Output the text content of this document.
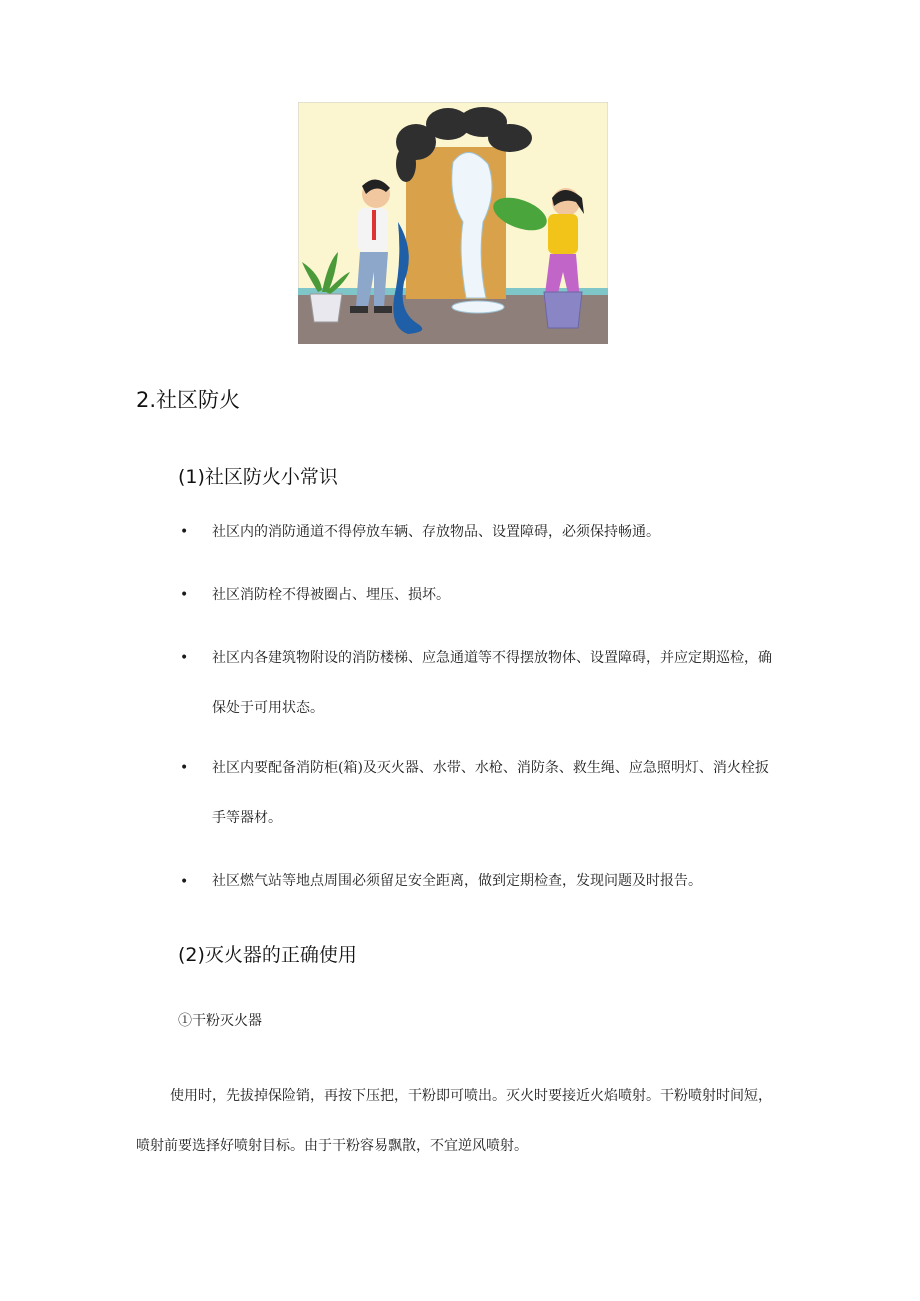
2.社区防火
(1)社区防火小常识
• 社区内的消防通道不得停放车辆、存放物品、设置障碍，必须保持畅通。

• 社区消防栓不得被圈占、埋压、损坏。

• 社区内各建筑物附设的消防楼梯、应急通道等不得摆放物体、设置障碍，并应定期巡检，确保处于可用状态。

• 社区内要配备消防柜(箱)及灭火器、水带、水枪、消防条、救生绳、应急照明灯、消火栓扳手等器材。

• 社区燃气站等地点周围必须留足安全距离，做到定期检查，发现问题及时报告。

(2)灭火器的正确使用

①干粉灭火器

使用时，先拔掉保险销，再按下压把，干粉即可喷出。灭火时要接近火焰喷射。干粉喷射时间短，喷射前要选择好喷射目标。由于干粉容易飘散，不宜逆风喷射。
